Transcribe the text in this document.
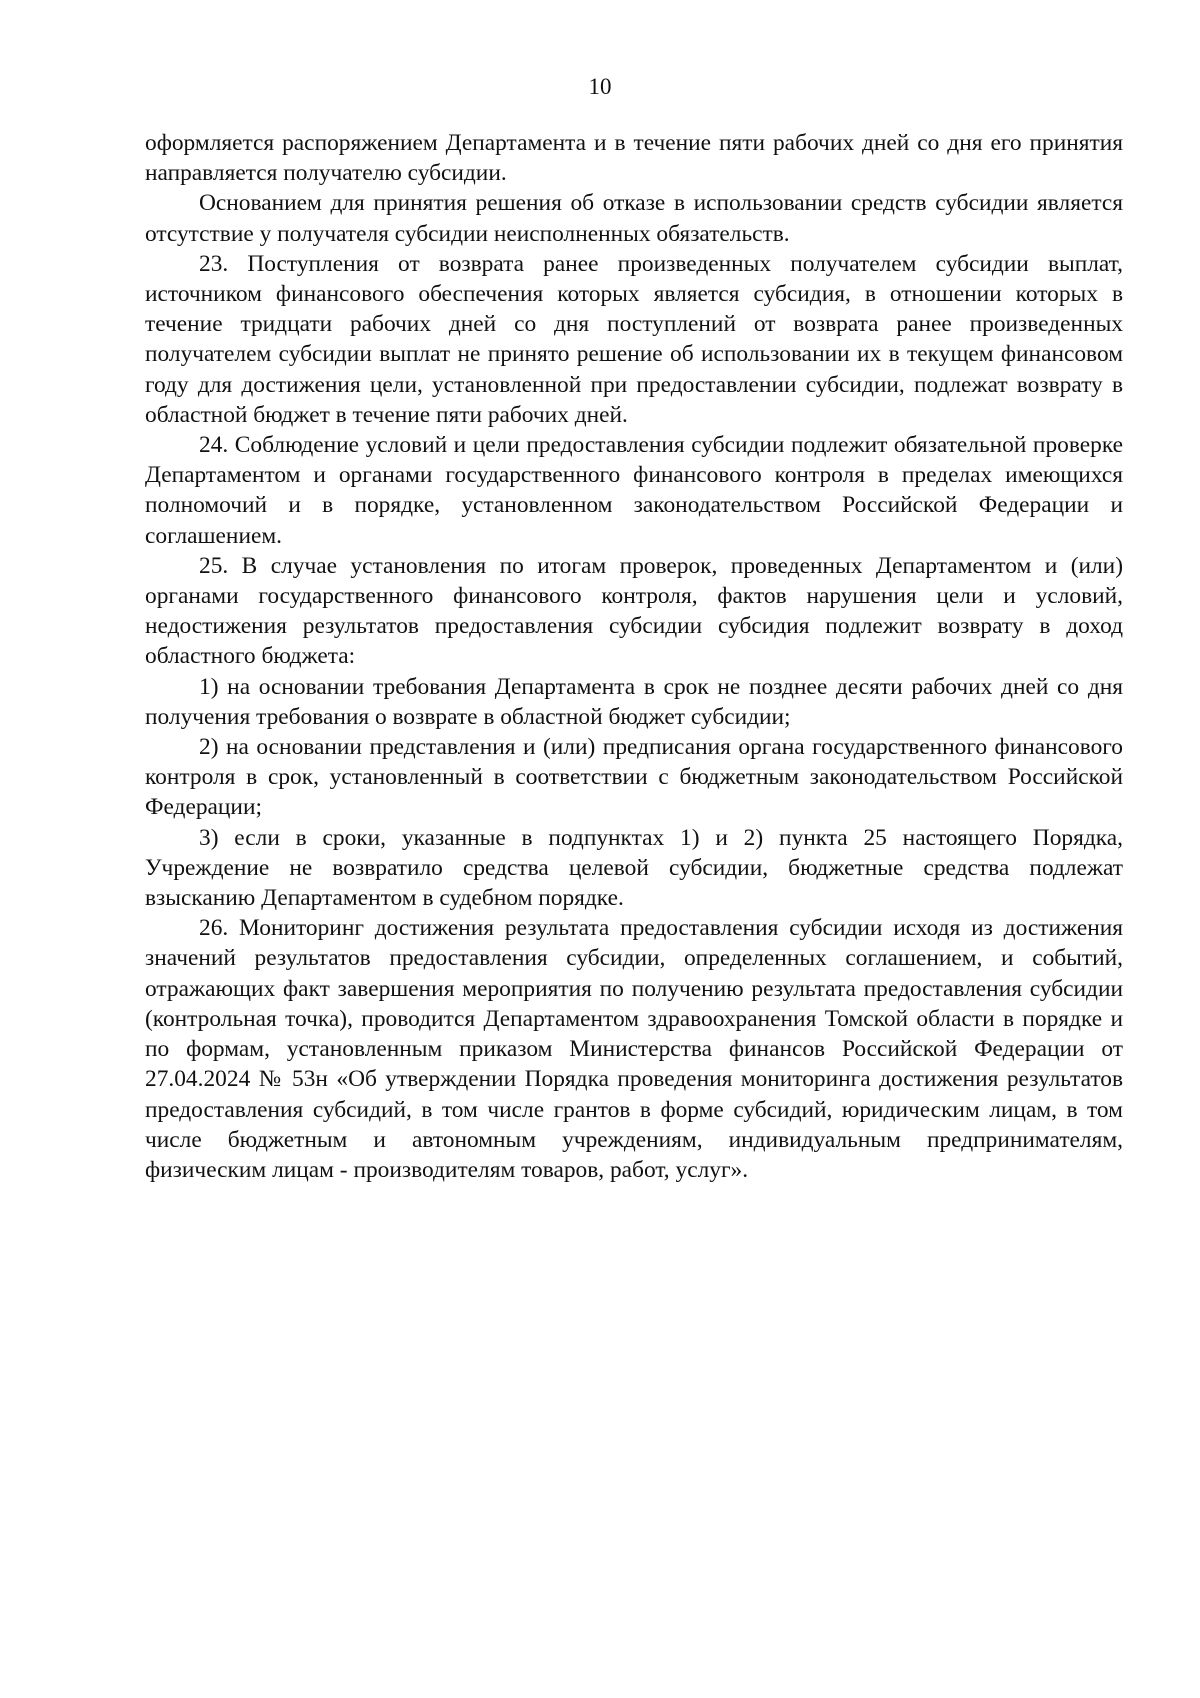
10

оформляется распоряжением Департамента и в течение пяти рабочих дней со дня его принятия направляется получателю субсидии.

Основанием для принятия решения об отказе в использовании средств субсидии является отсутствие у получателя субсидии неисполненных обязательств.

23. Поступления от возврата ранее произведенных получателем субсидии выплат, источником финансового обеспечения которых является субсидия, в отношении которых в течение тридцати рабочих дней со дня поступлений от возврата ранее произведенных получателем субсидии выплат не принято решение об использовании их в текущем финансовом году для достижения цели, установленной при предоставлении субсидии, подлежат возврату в областной бюджет в течение пяти рабочих дней.

24. Соблюдение условий и цели предоставления субсидии подлежит обязательной проверке Департаментом и органами государственного финансового контроля в пределах имеющихся полномочий и в порядке, установленном законодательством Российской Федерации и соглашением.

25. В случае установления по итогам проверок, проведенных Департаментом и (или) органами государственного финансового контроля, фактов нарушения цели и условий, недостижения результатов предоставления субсидии субсидия подлежит возврату в доход областного бюджета:

1) на основании требования Департамента в срок не позднее десяти рабочих дней со дня получения требования о возврате в областной бюджет субсидии;

2) на основании представления и (или) предписания органа государственного финансового контроля в срок, установленный в соответствии с бюджетным законодательством Российской Федерации;

3) если в сроки, указанные в подпунктах 1) и 2) пункта 25 настоящего Порядка, Учреждение не возвратило средства целевой субсидии, бюджетные средства подлежат взысканию Департаментом в судебном порядке.

26. Мониторинг достижения результата предоставления субсидии исходя из достижения значений результатов предоставления субсидии, определенных соглашением, и событий, отражающих факт завершения мероприятия по получению результата предоставления субсидии (контрольная точка), проводится Департаментом здравоохранения Томской области в порядке и по формам, установленным приказом Министерства финансов Российской Федерации от 27.04.2024 № 53н «Об утверждении Порядка проведения мониторинга достижения результатов предоставления субсидий, в том числе грантов в форме субсидий, юридическим лицам, в том числе бюджетным и автономным учреждениям, индивидуальным предпринимателям, физическим лицам - производителям товаров, работ, услуг».
